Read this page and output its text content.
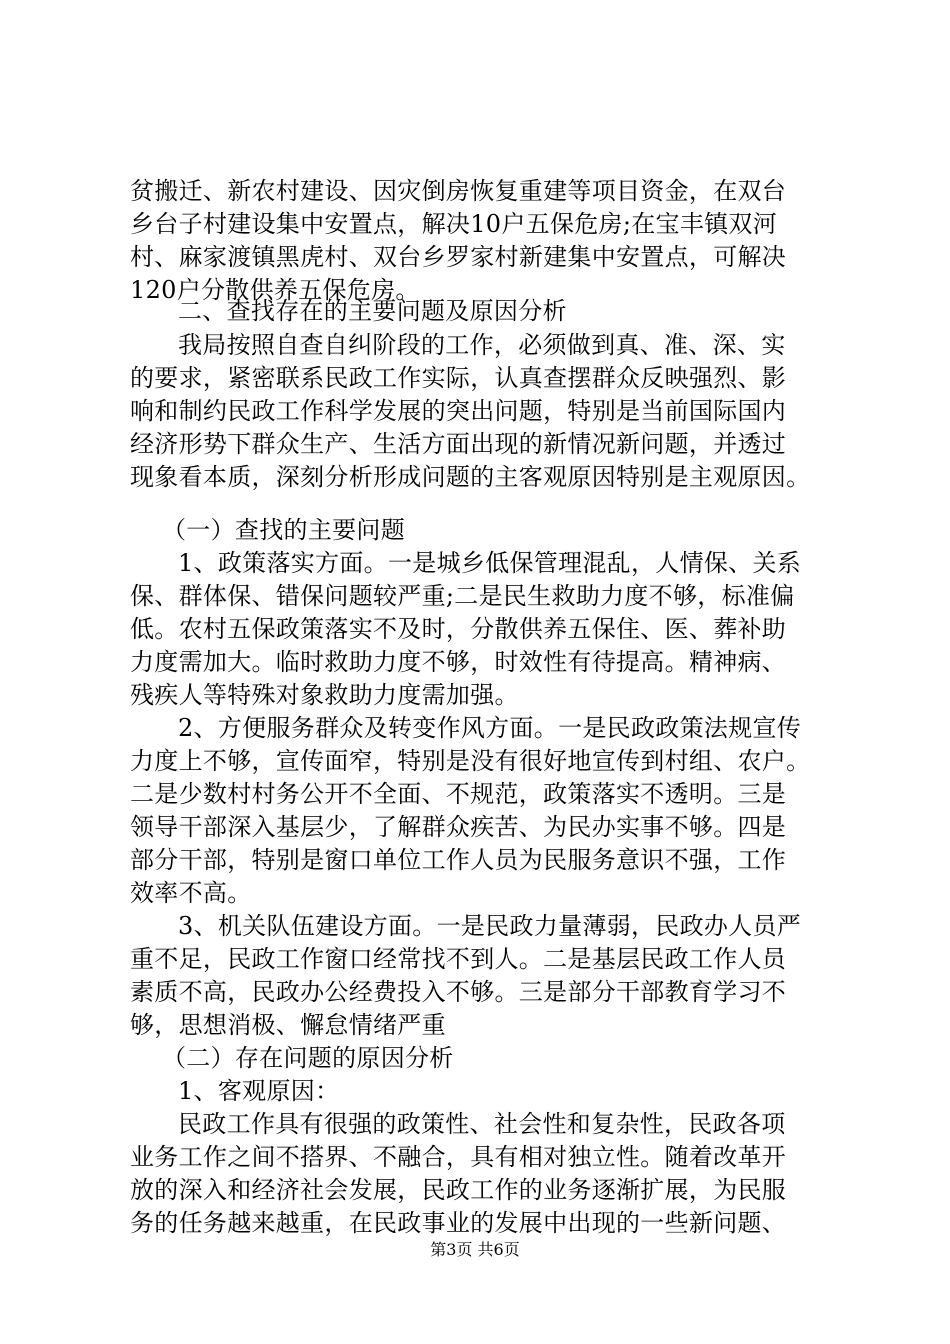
贫搬迁、新农村建设、因灾倒房恢复重建等项目资金，在双台
乡台子村建设集中安置点，解决10户五保危房;在宝丰镇双河
村、麻家渡镇黑虎村、双台乡罗家村新建集中安置点，可解决
120户分散供养五保危房。
二、查找存在的主要问题及原因分析
我局按照自查自纠阶段的工作，必须做到真、准、深、实
的要求，紧密联系民政工作实际，认真查摆群众反映强烈、影
响和制约民政工作科学发展的突出问题，特别是当前国际国内
经济形势下群众生产、生活方面出现的新情况新问题，并透过
现象看本质，深刻分析形成问题的主客观原因特别是主观原因。
（一）查找的主要问题
1、政策落实方面。一是城乡低保管理混乱，人情保、关系
保、群体保、错保问题较严重;二是民生救助力度不够，标准偏
低。农村五保政策落实不及时，分散供养五保住、医、葬补助
力度需加大。临时救助力度不够，时效性有待提高。精神病、
残疾人等特殊对象救助力度需加强。
2、方便服务群众及转变作风方面。一是民政政策法规宣传
力度上不够，宣传面窄，特别是没有很好地宣传到村组、农户。
二是少数村村务公开不全面、不规范，政策落实不透明。三是
领导干部深入基层少，了解群众疾苦、为民办实事不够。四是
部分干部，特别是窗口单位工作人员为民服务意识不强，工作
效率不高。
3、机关队伍建设方面。一是民政力量薄弱，民政办人员严
重不足，民政工作窗口经常找不到人。二是基层民政工作人员
素质不高，民政办公经费投入不够。三是部分干部教育学习不
够，思想消极、懈怠情绪严重
（二）存在问题的原因分析
1、客观原因：
民政工作具有很强的政策性、社会性和复杂性，民政各项
业务工作之间不搭界、不融合，具有相对独立性。随着改革开
放的深入和经济社会发展，民政工作的业务逐渐扩展，为民服
务的任务越来越重，在民政事业的发展中出现的一些新问题、
第3页 共6页
